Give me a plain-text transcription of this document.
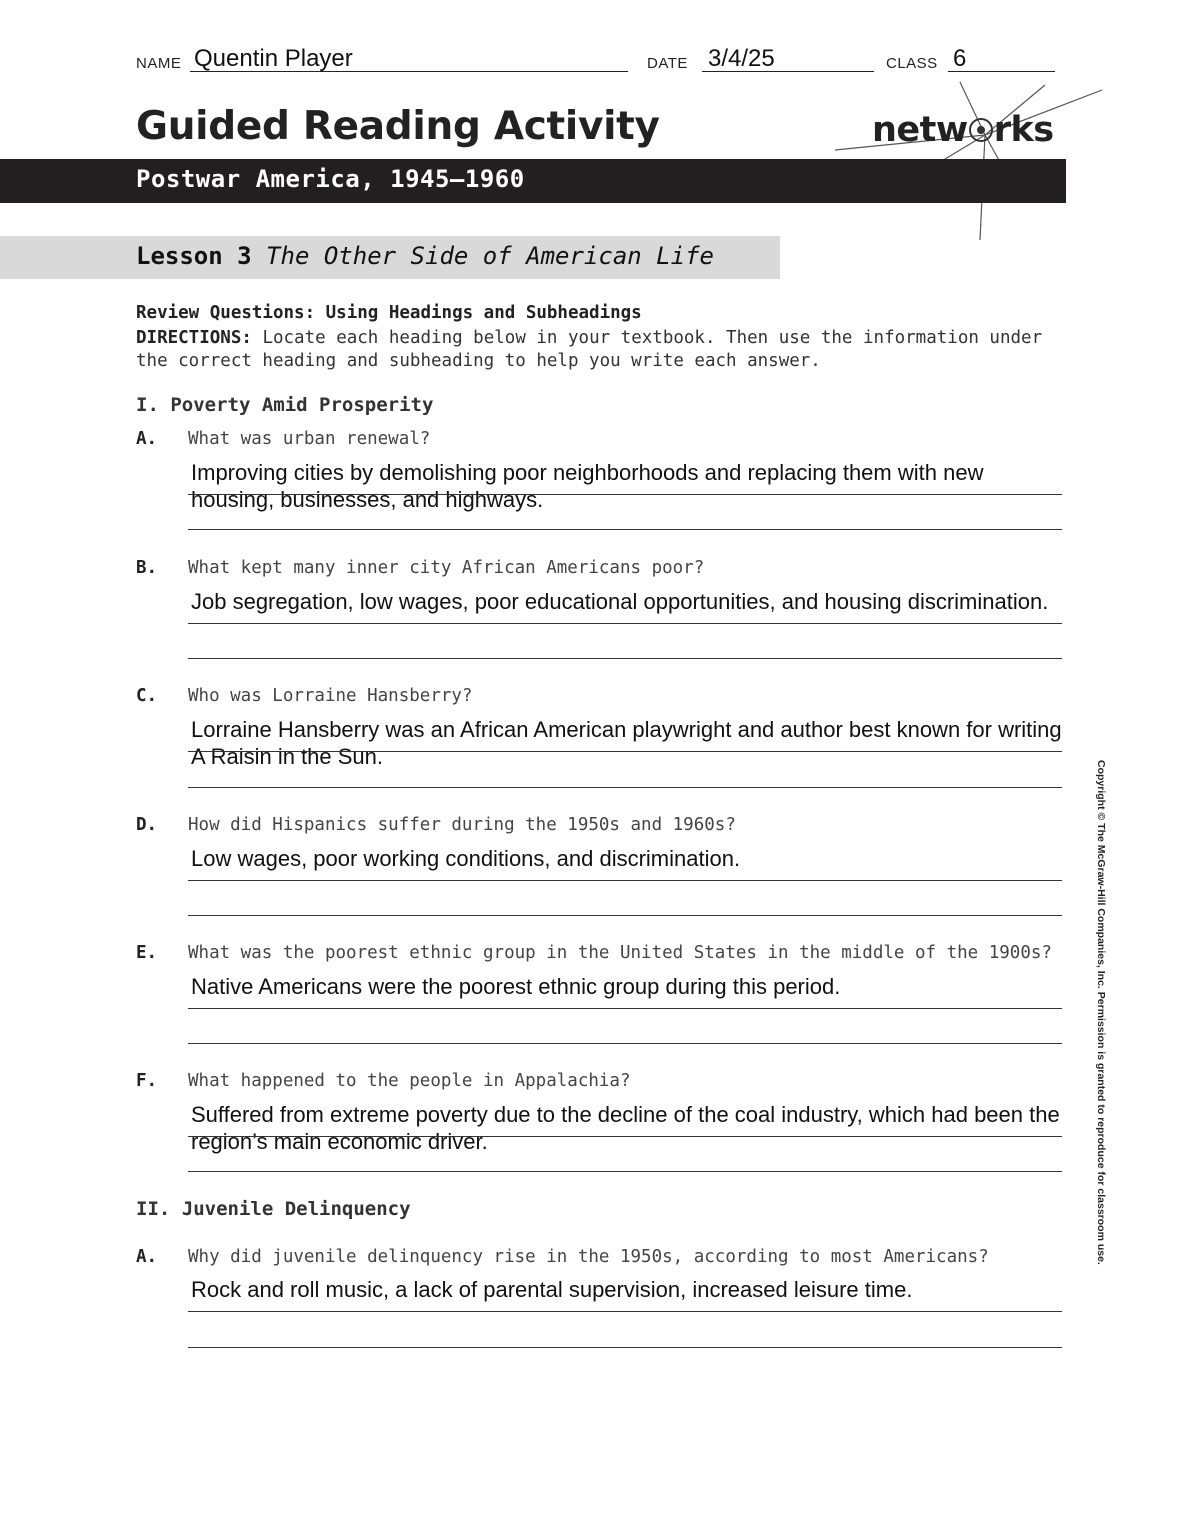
NAME Quentin Player	DATE 3/4/25	CLASS 6
Guided Reading Activity	netw rks
Postwar America, 1945–1960
Lesson 3 The Other Side of American Life
Review Questions: Using Headings and Subheadings
DIRECTIONS: Locate each heading below in your textbook. Then use the information under the correct heading and subheading to help you write each answer.
I. Poverty Amid Prosperity
A. What was urban renewal?
Improving cities by demolishing poor neighborhoods and replacing them with new housing, businesses, and highways.
B. What kept many inner city African Americans poor?
Job segregation, low wages, poor educational opportunities, and housing discrimination.
C. Who was Lorraine Hansberry?
Lorraine Hansberry was an African American playwright and author best known for writing A Raisin in the Sun.
D. How did Hispanics suffer during the 1950s and 1960s?
Low wages, poor working conditions, and discrimination.
E. What was the poorest ethnic group in the United States in the middle of the 1900s?
Native Americans were the poorest ethnic group during this period.
F. What happened to the people in Appalachia?
Suffered from extreme poverty due to the decline of the coal industry, which had been the region’s main economic driver.
II. Juvenile Delinquency
A. Why did juvenile delinquency rise in the 1950s, according to most Americans?
Rock and roll music, a lack of parental supervision, increased leisure time.
Copyright © The McGraw-Hill Companies, Inc. Permission is granted to reproduce for classroom use.
